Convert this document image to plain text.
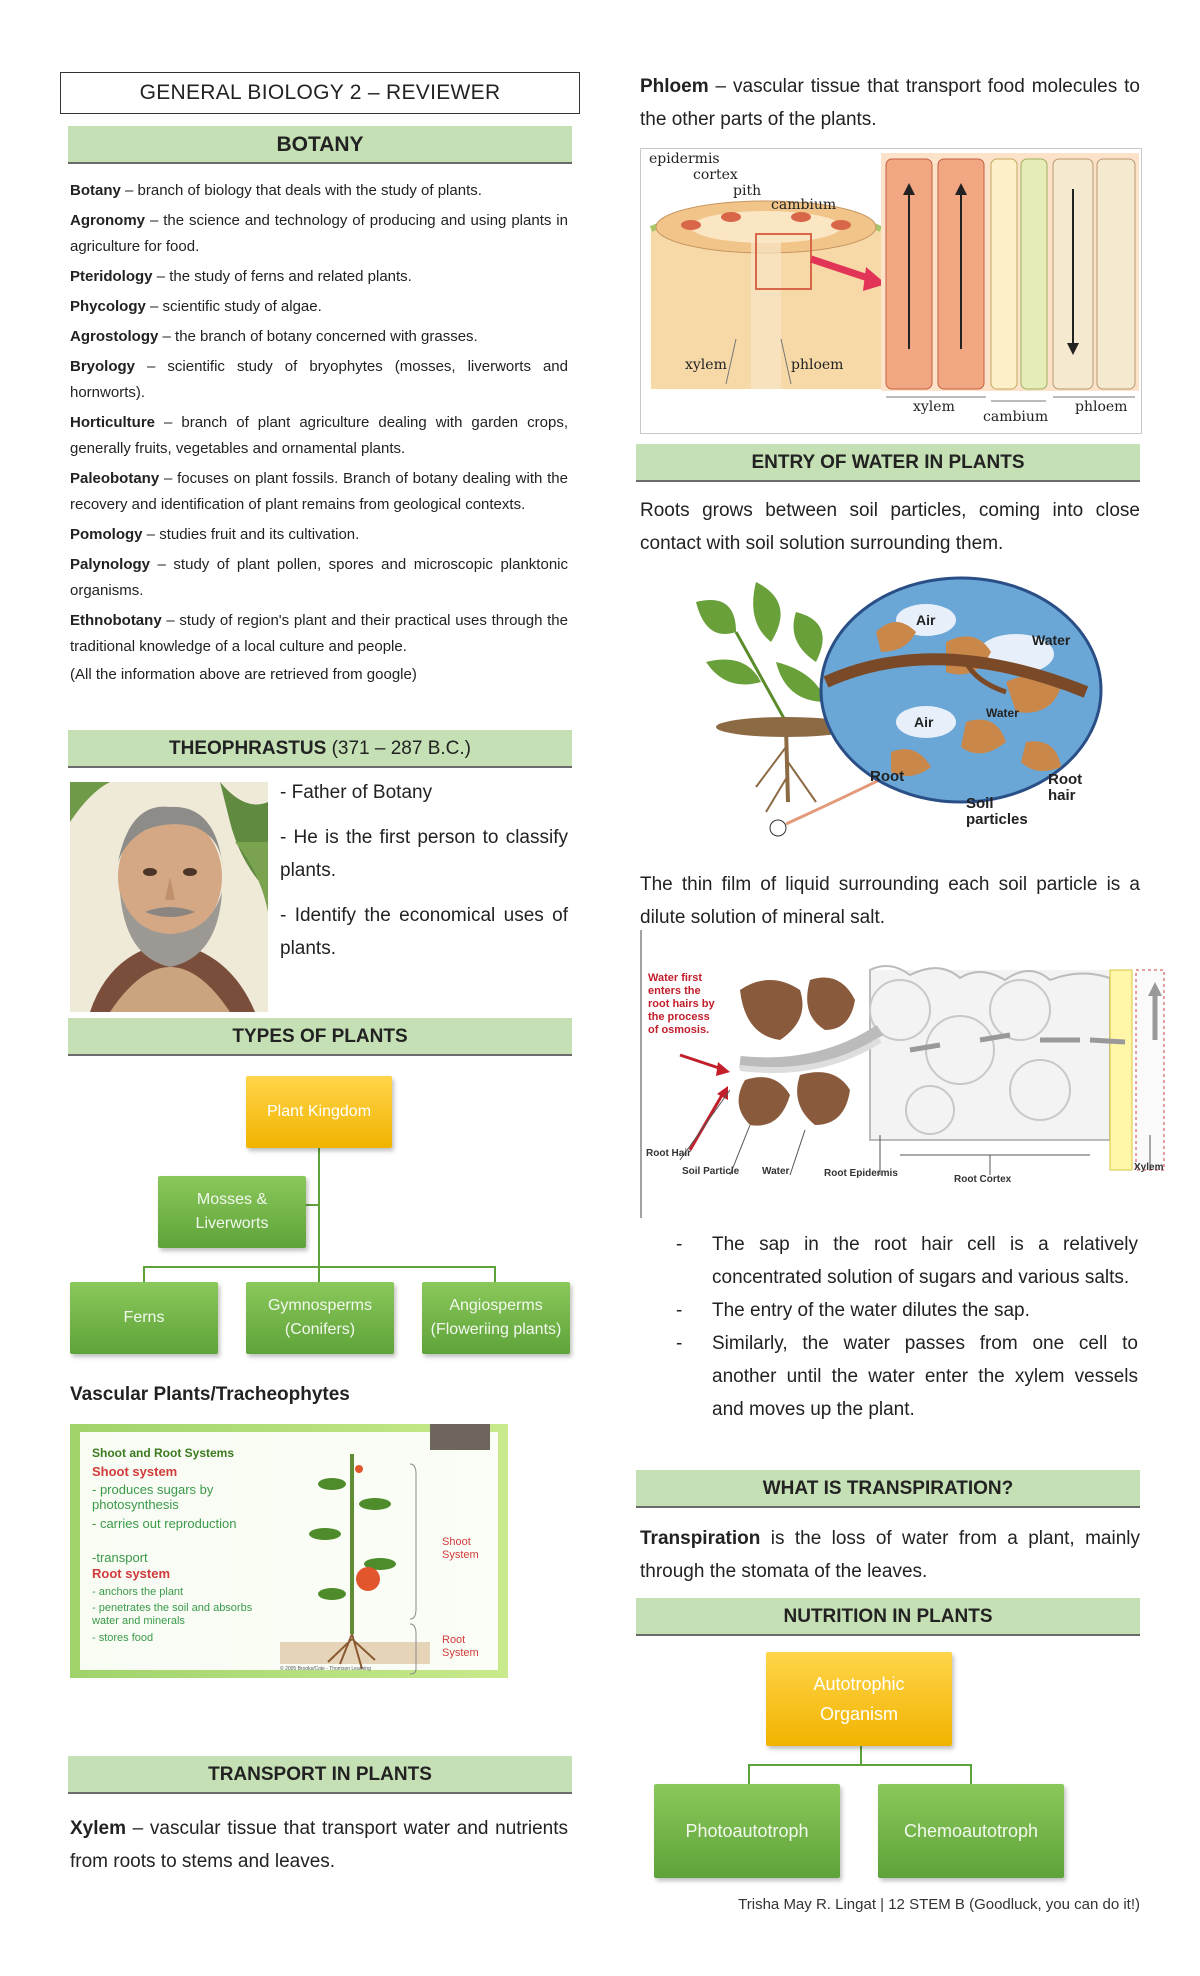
GENERAL BIOLOGY 2 – REVIEWER
BOTANY

Botany – branch of biology that deals with the study of plants.

Agronomy – the science and technology of producing and using plants in agriculture for food.

Pteridology – the study of ferns and related plants.

Phycology – scientific study of algae.

Agrostology – the branch of botany concerned with grasses.

Bryology – scientific study of bryophytes (mosses, liverworts and hornworts).

Horticulture – branch of plant agriculture dealing with garden crops, generally fruits, vegetables and ornamental plants.

Paleobotany – focuses on plant fossils. Branch of botany dealing with the recovery and identification of plant remains from geological contexts.

Pomology – studies fruit and its cultivation.

Palynology – study of plant pollen, spores and microscopic planktonic organisms.

Ethnobotany – study of region's plant and their practical uses through the traditional knowledge of a local culture and people.

(All the information above are retrieved from google)

THEOPHRASTUS (371 – 287 B.C.)

- Father of Botany

- He is the first person to classify plants.

- Identify the economical uses of plants.

TYPES OF PLANTS
Plant Kingdom
Mosses & Liverworts
Ferns
Gymnosperms (Conifers)
Angiosperms (Floweriing plants)
Vascular Plants/Tracheophytes
Shoot and Root Systems
Shoot system
- produces sugars by photosynthesis
- carries out reproduction
-transport
Root system
- anchors the plant
- penetrates the soil and absorbs water and minerals
- stores food
Shoot System
Root System
© 2005 Brooks/Cole - Thomson Learning
TRANSPORT IN PLANTS
Xylem – vascular tissue that transport water and nutrients from roots to stems and leaves.
Phloem – vascular tissue that transport food molecules to the other parts of the plants.
epidermis
cortex
pith
cambium
xylem	phloem
xylem
cambium
phloem
ENTRY OF WATER IN PLANTS
Roots grows between soil particles, coming into close contact with soil solution surrounding them.
Air
Water
Air
Water
Root
Soil particles
Root hair
The thin film of liquid surrounding each soil particle is a dilute solution of mineral salt.
Water first enters the root hairs by the process of osmosis.
Root Hair
Soil Particle Water	Root Epidermis
Root Cortex
Xylem
- The sap in the root hair cell is a relatively concentrated solution of sugars and various salts.
- The entry of the water dilutes the sap.
- Similarly, the water passes from one cell to another until the water enter the xylem vessels and moves up the plant.
WHAT IS TRANSPIRATION?
Transpiration is the loss of water from a plant, mainly through the stomata of the leaves.
NUTRITION IN PLANTS
Autotrophic Organism
Photoautotroph	Chemoautotroph
Trisha May R. Lingat | 12 STEM B (Goodluck, you can do it!)
